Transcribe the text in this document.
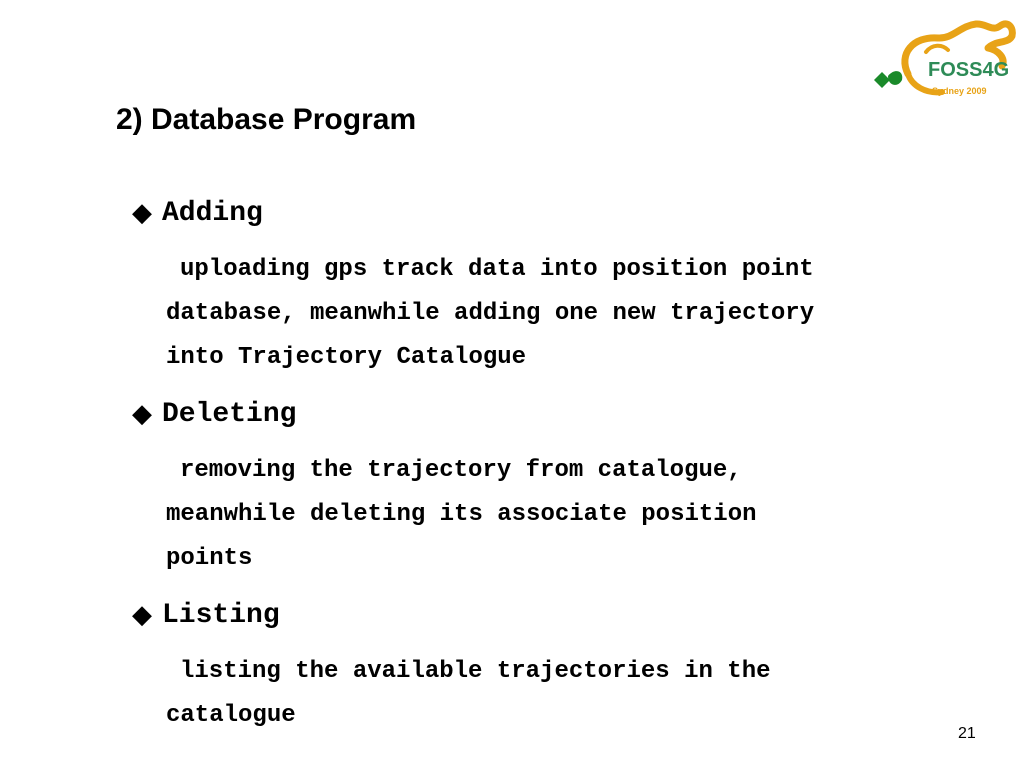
2) Database Program
FOSS4G
Sydney 2009
◆ Adding
uploading gps track data into position point
database, meanwhile adding one new trajectory
into Trajectory Catalogue
◆ Deleting
removing the trajectory from catalogue,
meanwhile deleting its associate position
points
◆ Listing
listing the available trajectories in the
catalogue
21
